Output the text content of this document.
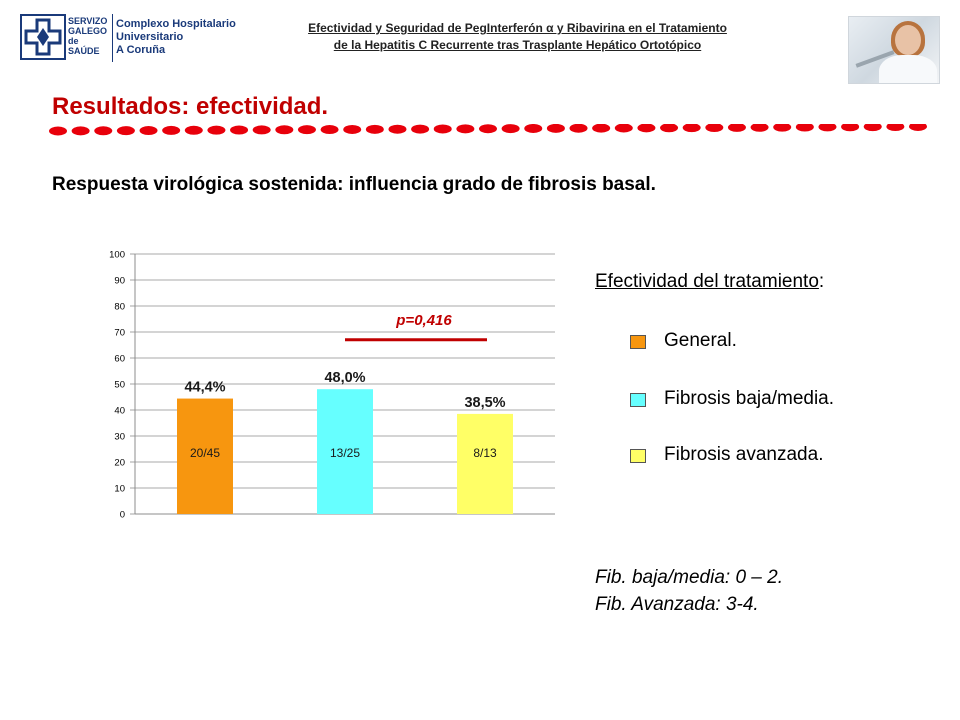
SERVIZO
GALEGO
de SAÚDE
Complexo Hospitalario Universitario
A Coruña
Efectividad y Seguridad de PegInterferón α y Ribavirina en el Tratamiento
de la Hepatitis C Recurrente tras Trasplante Hepático Ortotópico
Resultados: efectividad.
Respuesta virológica sostenida: influencia grado de fibrosis basal.
0
10
20
30
40
50
60
70
80
90
100
44,4%
20/45
48,0%
13/25
38,5%
8/13
p=0,416
Efectividad del tratamiento:
General.
Fibrosis baja/media.
Fibrosis avanzada.
Fib. baja/media: 0 – 2.
Fib. Avanzada: 3-4.
